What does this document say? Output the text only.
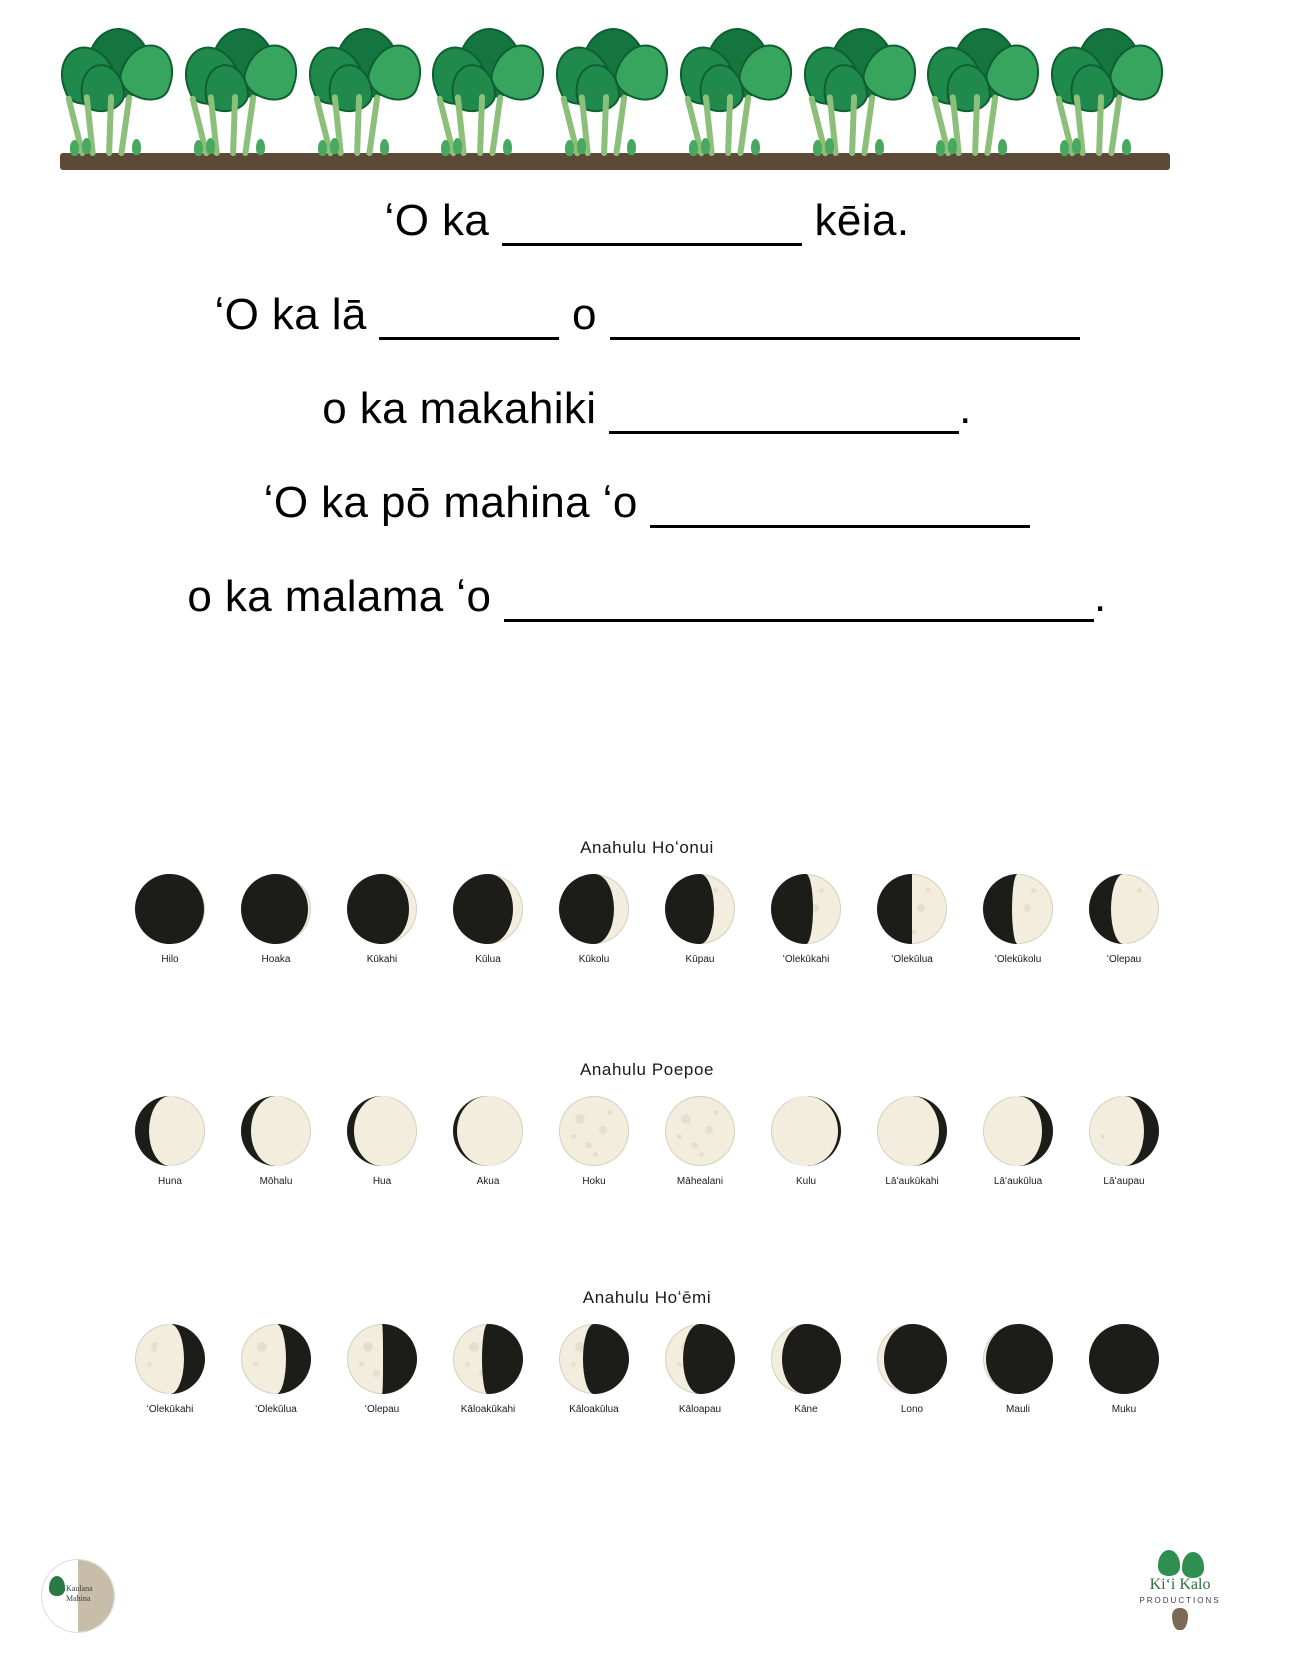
ʻO ka	kēia.
ʻO ka lā	o
o ka makahiki	.
ʻO ka pō mahina ʻo
o ka malama ʻo	.
Anahulu Hoʻonui
Hilo	Hoaka	Kūkahi	Kūlua	Kūkolu	Kūpau	ʻOlekūkahi	ʻOlekūlua	ʻOlekūkolu	ʻOlepau
Anahulu Poepoe
Huna	Mōhalu	Hua	Akua	Hoku	Māhealani	Kulu	Lāʻaukūkahi	Lāʻaukūlua	Lāʻaupau
Anahulu Hoʻēmi
ʻOlekūkahi	ʻOlekūlua	ʻOlepau	Kāloakūkahi	Kāloakūlua	Kāloapau	Kāne	Lono	Mauli	Muku
Kaulana
Mahina
Kiʻi Kalo
PRODUCTIONS
